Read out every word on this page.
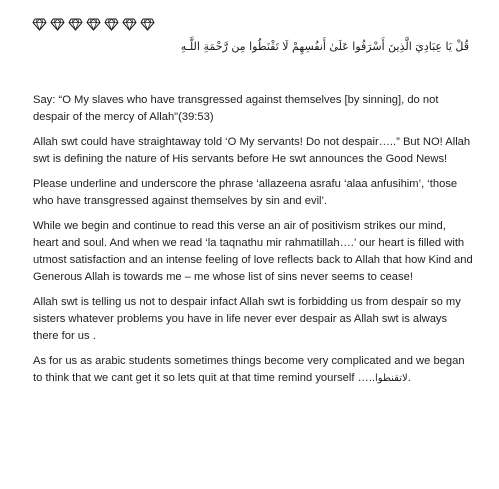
قُلْ يَا عِبَادِيَ الَّذِينَ أَسْرَفُوا عَلَىٰ أَنفُسِهِمْ لَا تَقْنَطُوا مِن رَّحْمَةِ اللَّـهِ

Say: “O My slaves who have transgressed against themselves [by sinning], do not despair of the mercy of Allah"(39:53)

Allah swt could have straightaway told ‘O My servants! Do not despair…..” But NO! Allah swt is defining the nature of His servants before He swt announces the Good News!

Please underline and underscore the phrase ‘allazeena asrafu ‘alaa anfusihim’, ‘those who have transgressed against themselves by sin and evil’.

While we begin and continue to read this verse an air of positivism strikes our mind, heart and soul. And when we read ‘la taqnathu mir rahmatillah….’ our heart is filled with utmost satisfaction and an intense feeling of love reflects back to Allah that how Kind and Generous Allah is towards me – me whose list of sins never seems to cease!

Allah swt is telling us not to despair infact Allah swt is forbidding us from despair so my sisters whatever problems you have in life never ever despair as Allah swt is always there for us .

As for us as arabic students sometimes things become very complicated and we began to think that we cant get it so lets quit at that time remind yourself …..لاتقنطوا.
